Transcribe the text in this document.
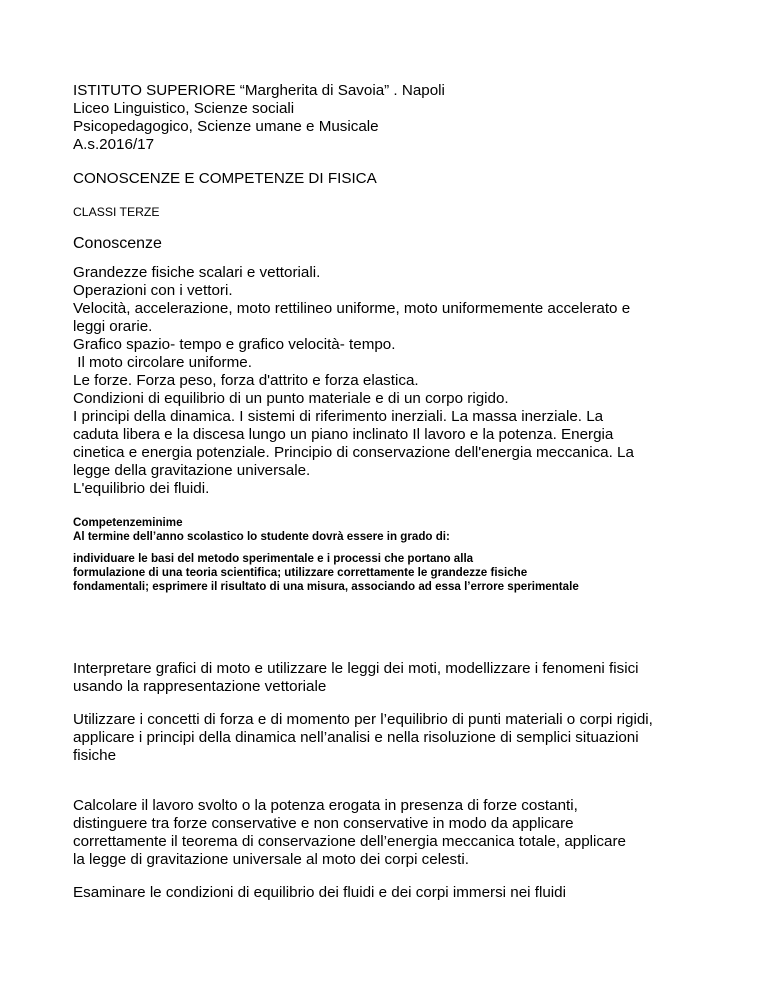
ISTITUTO SUPERIORE “Margherita di Savoia” . Napoli
Liceo Linguistico, Scienze sociali
Psicopedagogico, Scienze umane e Musicale
A.s.2016/17
CONOSCENZE E COMPETENZE DI FISICA
CLASSI TERZE
Conoscenze
Grandezze fisiche scalari e vettoriali.
Operazioni con i vettori.
Velocità, accelerazione, moto rettilineo uniforme, moto uniformemente accelerato e
leggi orarie.
Grafico spazio- tempo e grafico velocità- tempo.
Il moto circolare uniforme.
Le forze. Forza peso, forza d'attrito e forza elastica.
Condizioni di equilibrio di un punto materiale e di un corpo rigido.
I principi della dinamica. I sistemi di riferimento inerziali. La massa inerziale. La
caduta libera e la discesa lungo un piano inclinato Il lavoro e la potenza. Energia
cinetica e energia potenziale. Principio di conservazione dell'energia meccanica. La
legge della gravitazione universale.
L'equilibrio dei fluidi.
Competenzeminime
Al termine dell’anno scolastico lo studente dovrà essere in grado di:
individuare le basi del metodo sperimentale e i processi che portano alla
formulazione di una teoria scientifica; utilizzare correttamente le grandezze fisiche
fondamentali; esprimere il risultato di una misura, associando ad essa l’errore sperimentale
Interpretare grafici di moto e utilizzare le leggi dei moti, modellizzare i fenomeni fisici
usando la rappresentazione vettoriale
Utilizzare i concetti di forza e di momento per l’equilibrio di punti materiali o corpi rigidi,
applicare i principi della dinamica nell’analisi e nella risoluzione di semplici situazioni
fisiche
Calcolare il lavoro svolto o la potenza erogata in presenza di forze costanti,
distinguere tra forze conservative e non conservative in modo da applicare
correttamente il teorema di conservazione dell’energia meccanica totale, applicare
la legge di gravitazione universale al moto dei corpi celesti.
Esaminare le condizioni di equilibrio dei fluidi e dei corpi immersi nei fluidi
